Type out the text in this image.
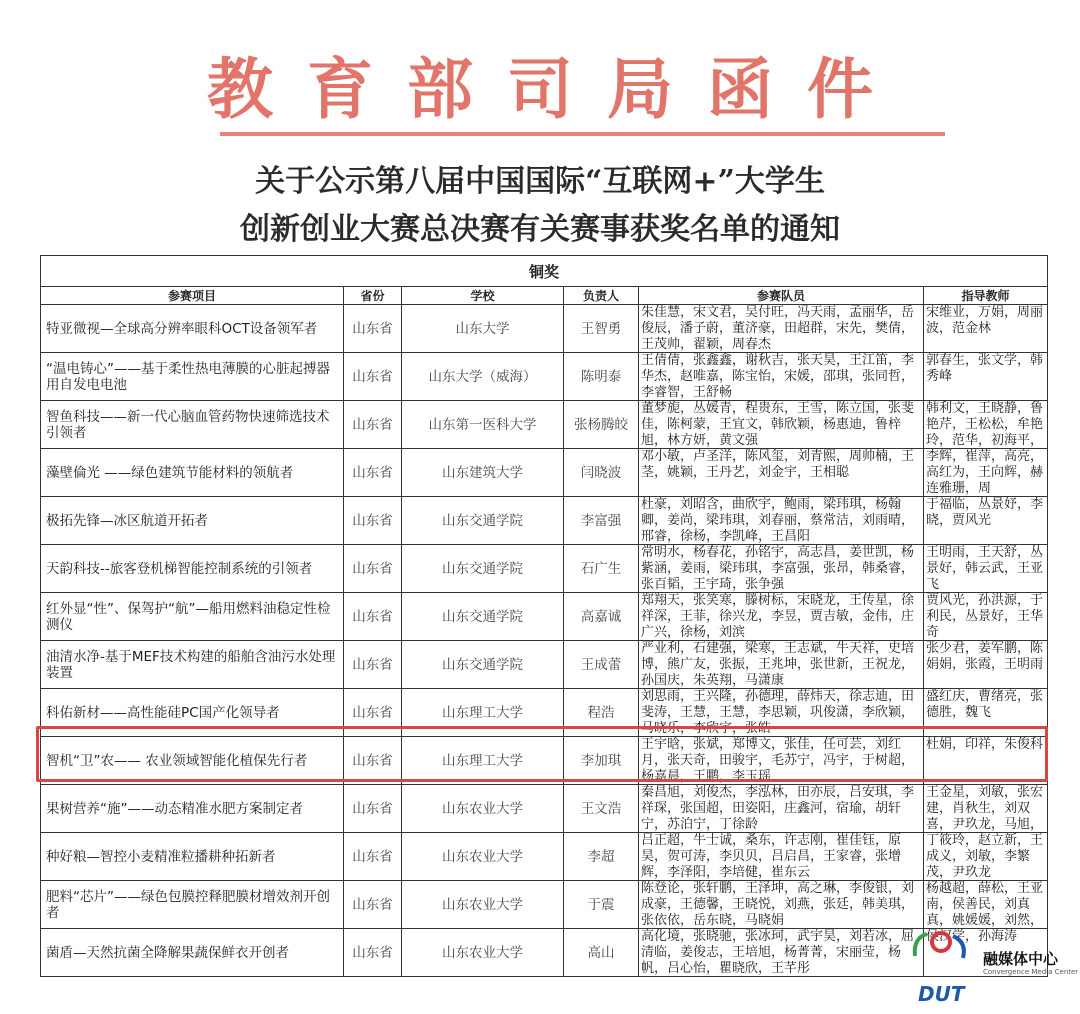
教育部司局函件
关于公示第八届中国国际“互联网+”大学生
创新创业大赛总决赛有关赛事获奖名单的通知
铜奖					
参赛项目	省份	学校	负责人	参赛队员	指导教师
特亚微视—全球高分辨率眼科OCT设备领军者	山东省	山东大学	王智勇	朱佳慧，宋文君，吴付旺，冯天雨，孟丽华，岳俊辰，潘子蔚，董济豪，田超群，宋先，樊倩，王茂帅，翟颖，周春杰	宋维业，万娟，周丽波，范金林

“温电铸心”——基于柔性热电薄膜的心脏起搏器用自发电电池	山东省	山东大学（威海）	陈明泰	王倩倩，张鑫鑫，谢秋吉，张天昊，王江笛，李华杰，赵唯嘉，陈宝怡，宋媛，邵琪，张同哲，李睿智，王舒畅	郭春生，张文学，韩秀峰

智鱼科技——新一代心脑血管药物快速筛选技术引领者	山东省	山东第一医科大学	张杨腾皎	董梦旎，丛媛青，程贵东，王雪，陈立国，张斐佳，陈柯蒙，王宜文，韩欣颖，杨惠迪，鲁梓旭，林方妍，黄文强	韩利文，王晓静，鲁艳芹，王松松，牟艳玲，范华，初海平，

藻壁倫光 ——绿色建筑节能材料的领航者	山东省	山东建筑大学	闫晓波	邓小敏，卢圣洋，陈风玺，刘青熙，周帅楠，王茎，姚颖，王丹艺，刘金宇，王相聪	李辉，崔萍，高亮，高红为，王向辉，赫连雅珊，周

极拓先锋—冰区航道开拓者	山东省	山东交通学院	李富强	杜豪，刘昭含，曲欣宇，鲍雨，梁玮琪，杨翰卿，姜尚，梁玮琪，刘春丽，蔡常洁，刘雨晴，邢睿，徐杨，李凯峰，王昌阳	于福临，丛景妤，李晓，贾风光

天韵科技--旅客登机梯智能控制系统的引领者	山东省	山东交通学院	石广生	常明水，杨春花，孙铭宇，高志昌，姜世凯，杨紫涵，姜雨，梁玮琪，李富强，张昂，韩桑睿，张百韬，王宇琦，张争强	王明雨，王天舒，丛景好，韩云武，王亚飞

红外显“性”、保驾护“航”—船用燃料油稳定性检测仪	山东省	山东交通学院	高嘉诚	郑翔天，张笑寒，滕树标，宋晓龙，王传星，徐祥深，王菲，徐兴龙，李昱，贾吉敏，金伟，庄广兴，徐杨，刘滨	贾风光，孙洪源，于利民，丛景好，王华奇

油清水净-基于MEF技术构建的船舶含油污水处理装置	山东省	山东交通学院	王成蕾	严业利，石建强，梁寒，王志斌，牛天祥，史培博，熊广友，张振，王兆坤，张世新，王祝龙，孙国庆，朱英翔，马潇康	张少君，姜军鹏，陈娟娟，张霞，王明雨

科佑新材——高性能硅PC国产化领导者	山东省	山东理工大学	程浩	刘思雨，王兴隆，孙德理，薛炜天，徐志迪，田斐涛，王慧，王慧，李思颖，巩俊潇，李欣颖，马晓乐，李欣宇，张皓	盛红庆，曹绪亮，张德胜，魏飞

智机“卫”农—— 农业领域智能化植保先行者	山东省	山东理工大学	李加琪	王宇晗，张斌，郑博文，张佳，任可芸，刘红月，张天奇，田骏宇，毛苏宁，冯宇，于树超，杨嘉晨，王鹏，李玉瑶	杜娟，印祥，朱俊科

果树营养“施”——动态精准水肥方案制定者	山东省	山东农业大学	王文浩	秦昌旭，刘俊杰，李泓林，田亦辰，吕安琪，李祥琛，张国超，田姿阳，庄鑫河，宿瑜，胡轩宁，苏泊宁，丁徐龄	王金星，刘敏，张宏建，肖秋生，刘双喜，尹玖龙，马旭，

种好粮—智控小麦精准粒播耕种拓新者	山东省	山东农业大学	李超	吕正超，牛士诚，桑东，许志刚，崔佳钰，原昊，贺可涛，李贝贝，吕启昌，王家睿，张增辉，李泽阳，李培健，崔东云	丁筱玲，赵立新，王成义，刘敏，李繁茂，尹玖龙

肥料“芯片”——绿色包膜控释肥膜材增效剂开创者	山东省	山东农业大学	于震	陈登论，张轩鹏，王泽坤，高之琳，李俊银，刘成豪，王德馨，王晓悦，刘燕，张廷，韩美琪，张依依，岳东晓，马晓娟	杨越超，薛松，王亚南，侯善民，刘真真，姚媛媛，刘然，

菌盾—天然抗菌全降解果蔬保鲜衣开创者	山东省	山东农业大学	高山	高化境，张晓驰，张冰珂，武宇昊，刘若冰，屈清临，姜俊志，王培旭，杨菁菁，宋丽莹，杨帆，吕心怡，瞿晓欣，王芊彤	侯汉学，孙海涛
融媒体中心
Convergence Media Center
DUT
